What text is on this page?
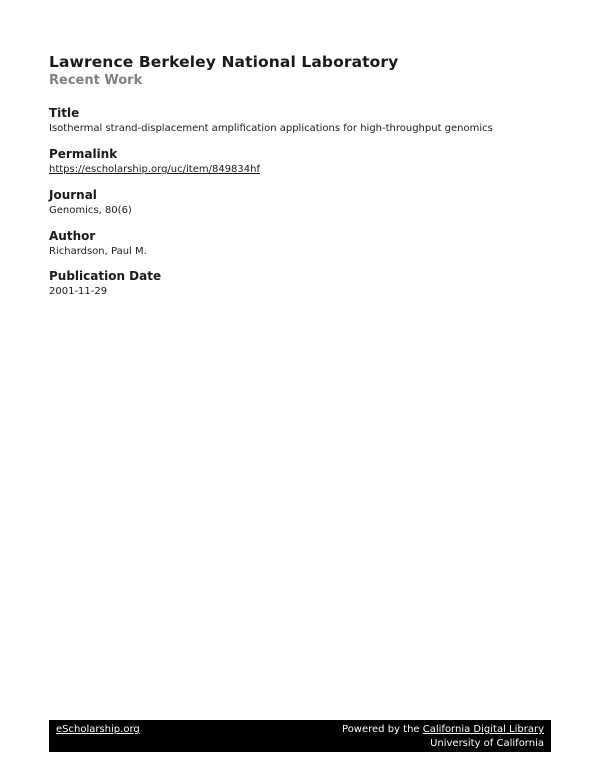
Lawrence Berkeley National Laboratory
Recent Work
Title
Isothermal strand-displacement amplification applications for high-throughput genomics
Permalink
https://escholarship.org/uc/item/849834hf
Journal
Genomics, 80(6)
Author
Richardson, Paul M.
Publication Date
2001-11-29
eScholarship.org	Powered by the California Digital Library
University of California
